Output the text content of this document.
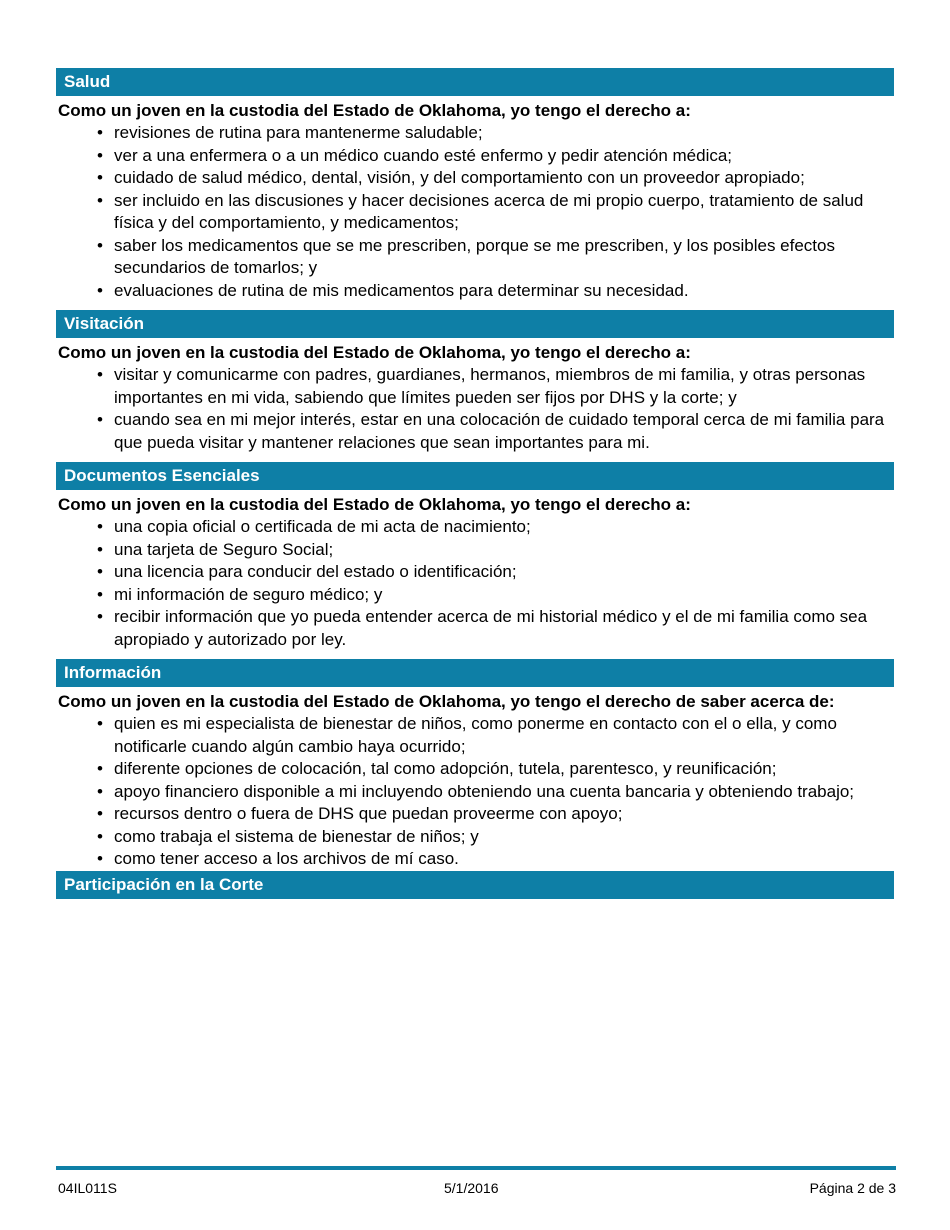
Salud
Como un joven en la custodia del Estado de Oklahoma, yo tengo el derecho a:
• revisiones de rutina para mantenerme saludable;
• ver a una enfermera o a un médico cuando esté enfermo y pedir atención médica;
• cuidado de salud médico, dental, visión, y del comportamiento con un proveedor apropiado;
• ser incluido en las discusiones y hacer decisiones acerca de mi propio cuerpo, tratamiento de salud física y del comportamiento, y medicamentos;
• saber los medicamentos que se me prescriben, porque se me prescriben, y los posibles efectos secundarios de tomarlos; y
• evaluaciones de rutina de mis medicamentos para determinar su necesidad.
Visitación
Como un joven en la custodia del Estado de Oklahoma, yo tengo el derecho a:
• visitar y comunicarme con padres, guardianes, hermanos, miembros de mi familia, y otras personas importantes en mi vida, sabiendo que límites pueden ser fijos por DHS y la corte; y
• cuando sea en mi mejor interés, estar en una colocación de cuidado temporal cerca de mi familia para que pueda visitar y mantener relaciones que sean importantes para mi.
Documentos Esenciales
Como un joven en la custodia del Estado de Oklahoma, yo tengo el derecho a:
• una copia oficial o certificada de mi acta de nacimiento;
• una tarjeta de Seguro Social;
• una licencia para conducir del estado o identificación;
• mi información de seguro médico; y
• recibir información que yo pueda entender acerca de mi historial médico y el de mi familia como sea apropiado y autorizado por ley.
Información
Como un joven en la custodia del Estado de Oklahoma, yo tengo el derecho de saber acerca de:
• quien es mi especialista de bienestar de niños, como ponerme en contacto con el o ella, y como notificarle cuando algún cambio haya ocurrido;
• diferente opciones de colocación, tal como adopción, tutela, parentesco, y reunificación;
• apoyo financiero disponible a mi incluyendo obteniendo una cuenta bancaria y obteniendo trabajo;
• recursos dentro o fuera de DHS que puedan proveerme con apoyo;
• como trabaja el sistema de bienestar de niños; y
• como tener acceso a los archivos de mí caso.
Participación en la Corte
04IL011S	5/1/2016	Página 2 de 3
